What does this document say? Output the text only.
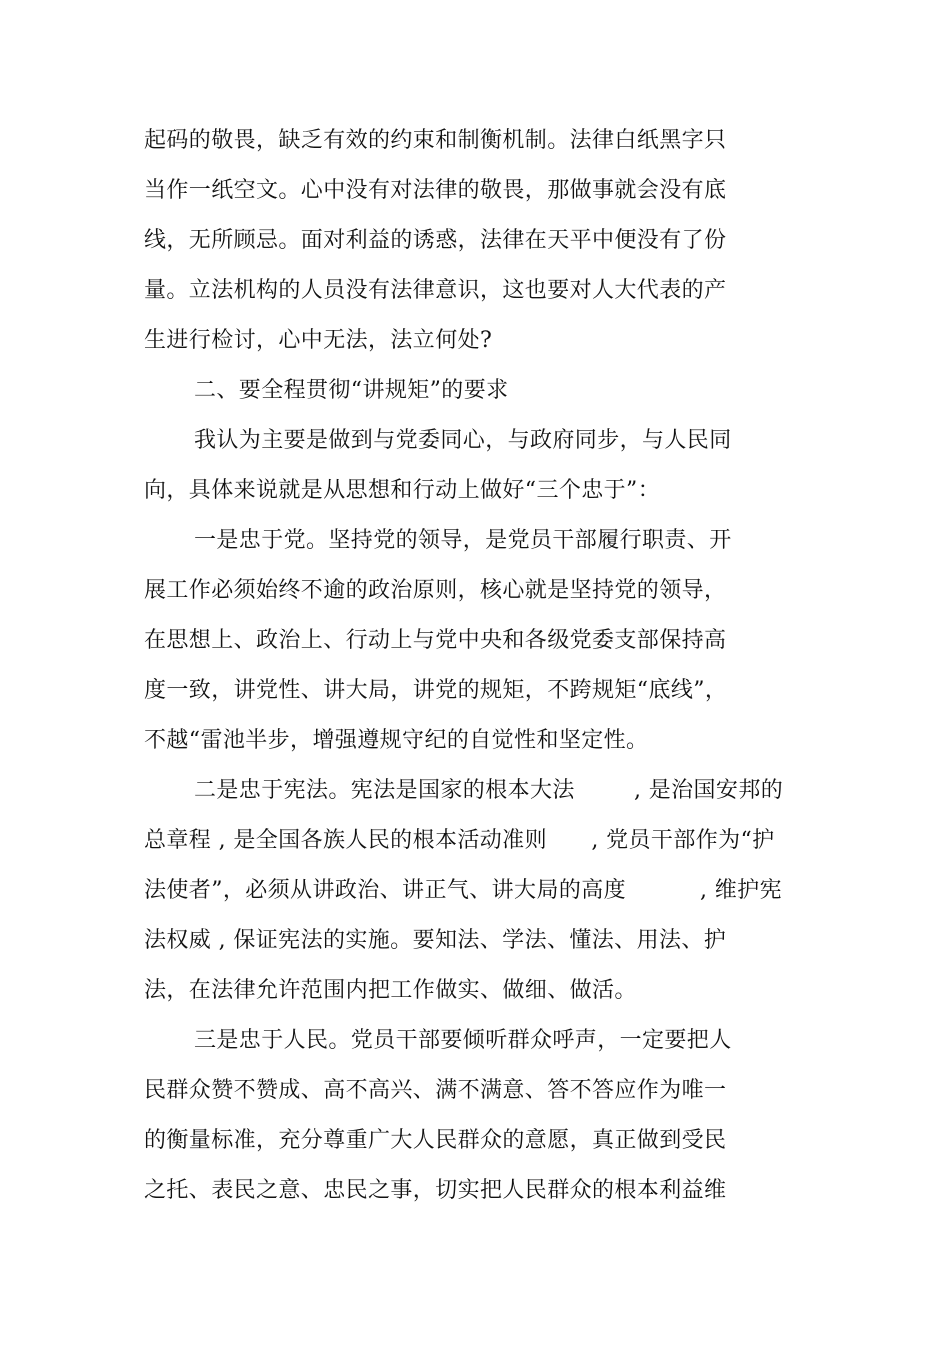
起码的敬畏，缺乏有效的约束和制衡机制。法律白纸黑字只
当作一纸空文。心中没有对法律的敬畏，那做事就会没有底
线，无所顾忌。面对利益的诱惑，法律在天平中便没有了份
量。立法机构的人员没有法律意识，这也要对人大代表的产
生进行检讨，心中无法，法立何处?
二、要全程贯彻“讲规矩”的要求
我认为主要是做到与党委同心，与政府同步，与人民同
向，具体来说就是从思想和行动上做好“三个忠于”：
一是忠于党。坚持党的领导，是党员干部履行职责、开
展工作必须始终不逾的政治原则，核心就是坚持党的领导，
在思想上、政治上、行动上与党中央和各级党委支部保持高
度一致，讲党性、讲大局，讲党的规矩，不跨规矩“底线”，
不越“雷池半步，增强遵规守纪的自觉性和坚定性。
二是忠于宪法。宪法是国家的根本大法        , 是治国安邦的
总章程 , 是全国各族人民的根本活动准则      , 党员干部作为“护
法使者”，必须从讲政治、讲正气、讲大局的高度          , 维护宪
法权威 , 保证宪法的实施。要知法、学法、懂法、用法、护
法，在法律允许范围内把工作做实、做细、做活。
三是忠于人民。党员干部要倾听群众呼声，一定要把人
民群众赞不赞成、高不高兴、满不满意、答不答应作为唯一
的衡量标准，充分尊重广大人民群众的意愿，真正做到受民
之托、表民之意、忠民之事，切实把人民群众的根本利益维
